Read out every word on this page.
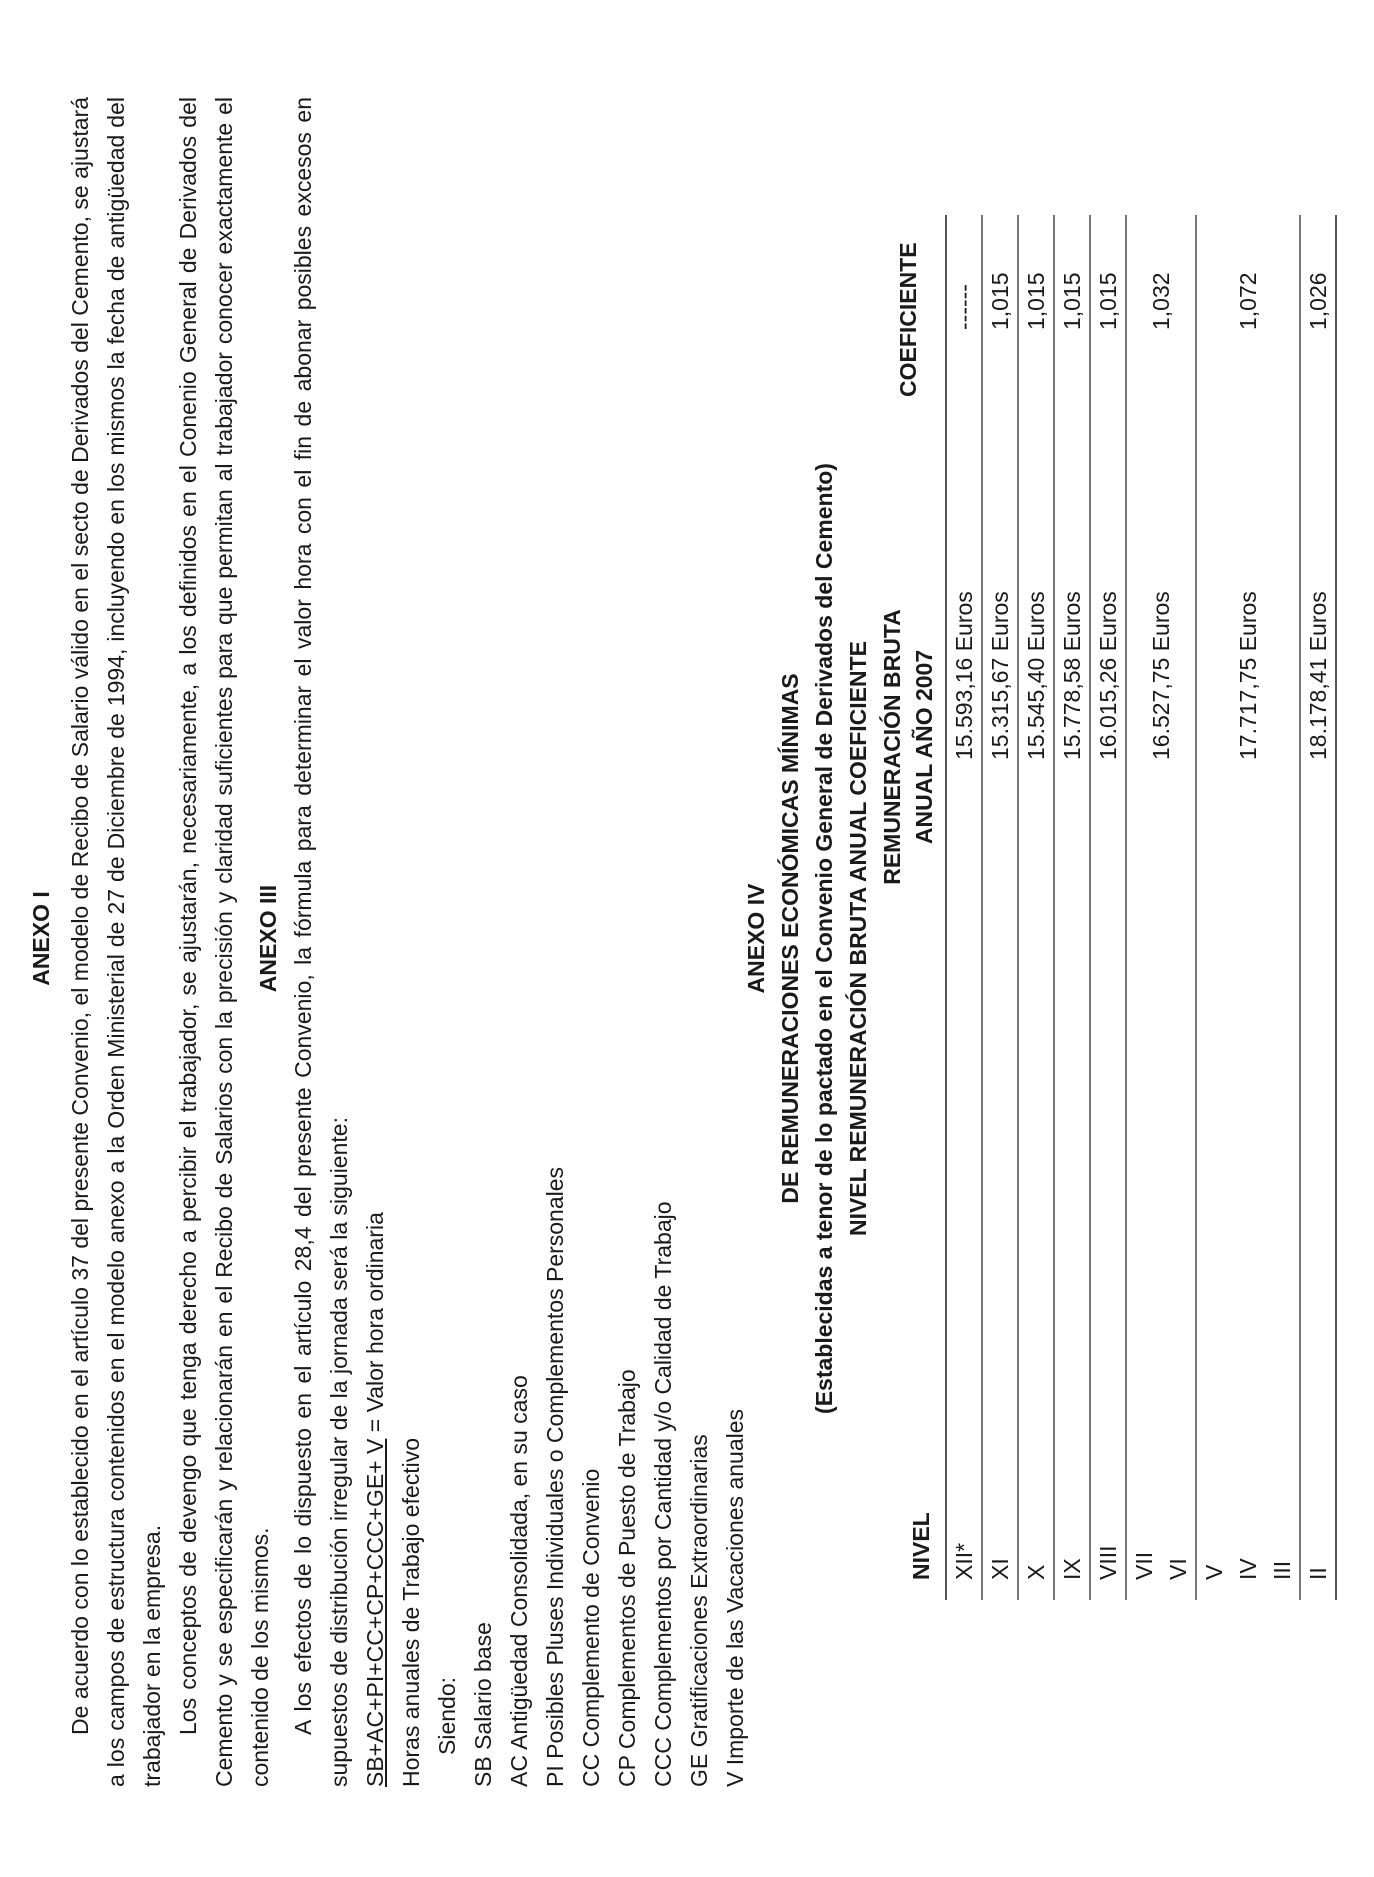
ANEXO I De acuerdo con lo establecido en el artículo 37 del presente Convenio, el modelo de Recibo de Salario válido en el secto de Derivados del Cemento, se ajustará a los campos de estructura contenidos en el modelo anexo a la Orden Ministerial de 27 de Diciembre de 1994, incluyendo en los mismos la fecha de antigüedad del trabajador en la empresa. Los conceptos de devengo que tenga derecho a percibir el trabajador, se ajustarán, necesariamente, a los definidos en el Conenio General de Derivados del Cemento y se especificarán y relacionarán en el Recibo de Salarios con la precisión y claridad suficientes para que permitan al trabajador conocer exactamente el contenido de los mismos.
ANEXO III A los efectos de lo dispuesto en el artículo 28,4 del presente Convenio, la fórmula para determinar el valor hora con el fin de abonar posibles excesos en supuestos de distribución irregular de la jornada será la siguiente: SB+AC+PI+CC+CP+CCC+GE+ V = Valor hora ordinaria
Horas anuales de Trabajo efectivo Siendo: SB Salario base AC Antigüedad Consolidada, en su caso PI Posibles Pluses Individuales o Complementos Personales CC Complemento de Convenio CP Complementos de Puesto de Trabajo CCC Complementos por Cantidad y/o Calidad de Trabajo GE Gratificaciones Extraordinarias V Importe de las Vacaciones anuales
ANEXO IV DE REMUNERACIONES ECONÓMICAS MÍNIMAS (Establecidas a tenor de lo pactado en el Convenio General de Derivados del Cemento) NIVEL REMUNERACIÓN BRUTA ANUAL COEFICIENTE
NIVEL
REMUNERACIÓN BRUTA ANUAL AÑO 2007
COEFICIENTE
XII*
15.593,16 Euros
------
XI
15.315,67 Euros
1,015
X
15.545,40 Euros
1,015
IX
15.778,58 Euros
1,015
VIII
16.015,26 Euros
1,015
VII VI
16.527,75 Euros
1,032
V IV III
17.717,75 Euros
1,072
II
18.178,41 Euros
1,026
